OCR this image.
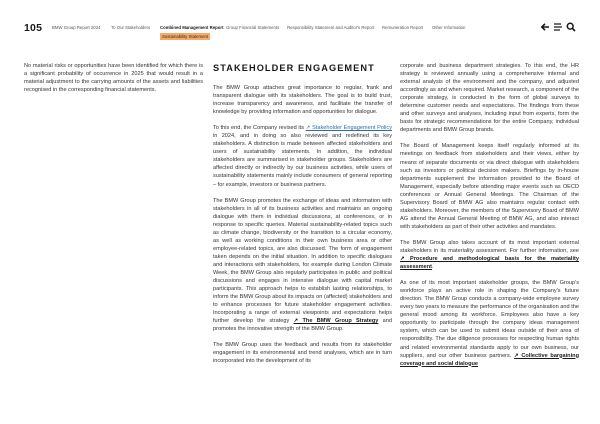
105 BMW Group Report 2024 To Our Stakeholders Combined Management Report Group Financial Statements Responsibility Statement and Auditor's Report Remuneration Report Other Information
Sustainability Statement

No material risks or opportunities have been identified for which there is a significant probability of occurrence in 2025 that would result in a material adjustment to the carrying amounts of the assets and liabilities recognised in the corresponding financial statements.

STAKEHOLDER ENGAGEMENT

The BMW Group attaches great importance to regular, frank and transparent dialogue with its stakeholders. The goal is to build trust, increase transparency and awareness, and facilitate the transfer of knowledge by providing information and opportunities for dialogue.

To this end, the Company revised its ↗ Stakeholder Engagement Policy in 2024, and in doing so also reviewed and redefined its key stakeholders. A distinction is made between affected stakeholders and users of sustainability statements. In addition, the individual stakeholders are summarised in stakeholder groups. Stakeholders are affected directly or indirectly by our business activities, while users of sustainability statements mainly include consumers of general reporting – for example, investors or business partners.

The BMW Group promotes the exchange of ideas and information with stakeholders in all of its business activities and maintains an ongoing dialogue with them in individual discussions, at conferences, or in response to specific queries. Material sustainability-related topics such as climate change, biodiversity or the transition to a circular economy, as well as working conditions in their own business area or other employee-related topics, are also discussed. The form of engagement taken depends on the initial situation. In addition to specific dialogues and interactions with stakeholders, for example during London Climate Week, the BMW Group also regularly participates in public and political discussions and engages in intensive dialogue with capital market participants. This approach helps to establish lasting relationships, to inform the BMW Group about its impacts on (affected) stakeholders and to enhance processes for future stakeholder engagement activities. Incorporating a range of external viewpoints and expectations helps further develop the strategy ↗ The BMW Group Strategy and promotes the innovative strength of the BMW Group.

The BMW Group uses the feedback and results from its stakeholder engagement in its environmental and trend analyses, which are in turn incorporated into the development of its

corporate and business department strategies. To this end, the HR strategy is reviewed annually using a comprehensive internal and external analysis of the environment and the company, and adjusted accordingly as and when required. Market research, a component of the corporate strategy, is conducted in the form of global surveys to determine customer needs and expectations. The findings from these and other surveys and analyses, including input from experts, form the basis for strategic recommendations for the entire Company, individual departments and BMW Group brands.

The Board of Management keeps itself regularly informed at its meetings on feedback from stakeholders and their views, either by means of separate documents or via direct dialogue with stakeholders such as investors or political decision makers. Briefings by in-house departments supplement the information provided to the Board of Management, especially before attending major events such as OECD conferences or Annual General Meetings. The Chairman of the Supervisory Board of BMW AG also maintains regular contact with stakeholders. Moreover, the members of the Supervisory Board of BMW AG attend the Annual General Meeting of BMW AG, and also interact with stakeholders as part of their other activities and mandates.

The BMW Group also takes account of its most important external stakeholders in its materiality assessment. For further information, see ↗ Procedure and methodological basis for the materiality assessment.

As one of its most important stakeholder groups, the BMW Group's workforce plays an active role in shaping the Company's future direction. The BMW Group conducts a company-wide employee survey every two years to measure the performance of the organisation and the general mood among its workforce. Employees also have a key opportunity to participate through the company ideas management system, which can be used to submit ideas outside of their area of responsibility. The due diligence processes for respecting human rights and related environmental standards apply to our own business, our suppliers, and our other business partners. ↗ Collective bargaining coverage and social dialogue
